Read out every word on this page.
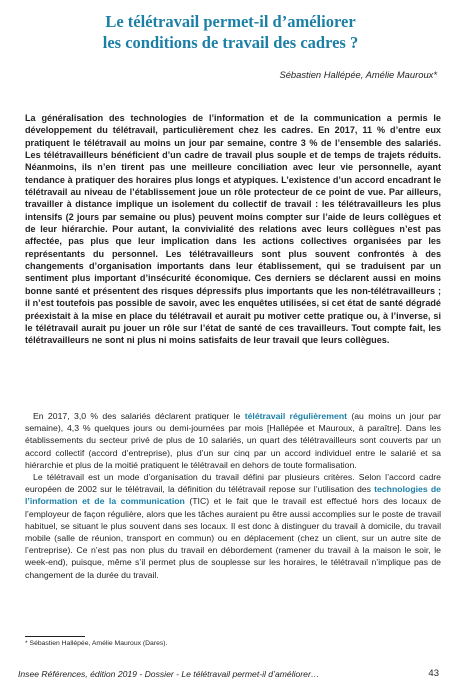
Le télétravail permet-il d’améliorer
les conditions de travail des cadres ?
Sébastien Hallépée, Amélie Mauroux*

La généralisation des technologies de l’information et de la communication a permis le développement du télétravail, particulièrement chez les cadres. En 2017, 11 % d’entre eux pratiquent le télétravail au moins un jour par semaine, contre 3 % de l’ensemble des salariés. Les télétravailleurs bénéficient d’un cadre de travail plus souple et de temps de trajets réduits. Néanmoins, ils n’en tirent pas une meilleure conciliation avec leur vie personnelle, ayant tendance à pratiquer des horaires plus longs et atypiques. L’existence d’un accord encadrant le télétravail au niveau de l’établissement joue un rôle protecteur de ce point de vue. Par ailleurs, travailler à distance implique un isolement du collectif de travail : les télétravailleurs les plus intensifs (2 jours par semaine ou plus) peuvent moins compter sur l’aide de leurs collègues et de leur hiérarchie. Pour autant, la convivialité des relations avec leurs collègues n’est pas affectée, pas plus que leur implication dans les actions collectives organisées par les représentants du personnel. Les télétravailleurs sont plus souvent confrontés à des changements d’organisation importants dans leur établissement, qui se traduisent par un sentiment plus important d’insécurité économique. Ces derniers se déclarent aussi en moins bonne santé et présentent des risques dépressifs plus importants que les non-télétravailleurs ; il n’est toutefois pas possible de savoir, avec les enquêtes utilisées, si cet état de santé dégradé préexistait à la mise en place du télétravail et aurait pu motiver cette pratique ou, à l’inverse, si le télétravail aurait pu jouer un rôle sur l’état de santé de ces travailleurs. Tout compte fait, les télétravailleurs ne sont ni plus ni moins satisfaits de leur travail que leurs collègues.

En 2017, 3,0 % des salariés déclarent pratiquer le télétravail régulièrement (au moins un jour par semaine), 4,3 % quelques jours ou demi-journées par mois [Hallépée et Mauroux, à paraître]. Dans les établissements du secteur privé de plus de 10 salariés, un quart des télétravailleurs sont couverts par un accord collectif (accord d’entreprise), plus d’un sur cinq par un accord individuel entre le salarié et sa hiérarchie et plus de la moitié pratiquent le télétravail en dehors de toute formalisation.

Le télétravail est un mode d’organisation du travail défini par plusieurs critères. Selon l’accord cadre européen de 2002 sur le télétravail, la définition du télétravail repose sur l’utilisation des technologies de l’information et de la communication (TIC) et le fait que le travail est effectué hors des locaux de l’employeur de façon régulière, alors que les tâches auraient pu être aussi accomplies sur le poste de travail habituel, se situant le plus souvent dans ses locaux. Il est donc à distinguer du travail à domicile, du travail mobile (salle de réunion, transport en commun) ou en déplacement (chez un client, sur un autre site de l’entreprise). Ce n’est pas non plus du travail en débordement (ramener du travail à la maison le soir, le week-end), puisque, même s’il permet plus de souplesse sur les horaires, le télétravail n’implique pas de changement de la durée du travail.

* Sébastien Hallépée, Amélie Mauroux (Dares).
Insee Références, édition 2019 - Dossier - Le télétravail permet-il d’améliorer…	43
